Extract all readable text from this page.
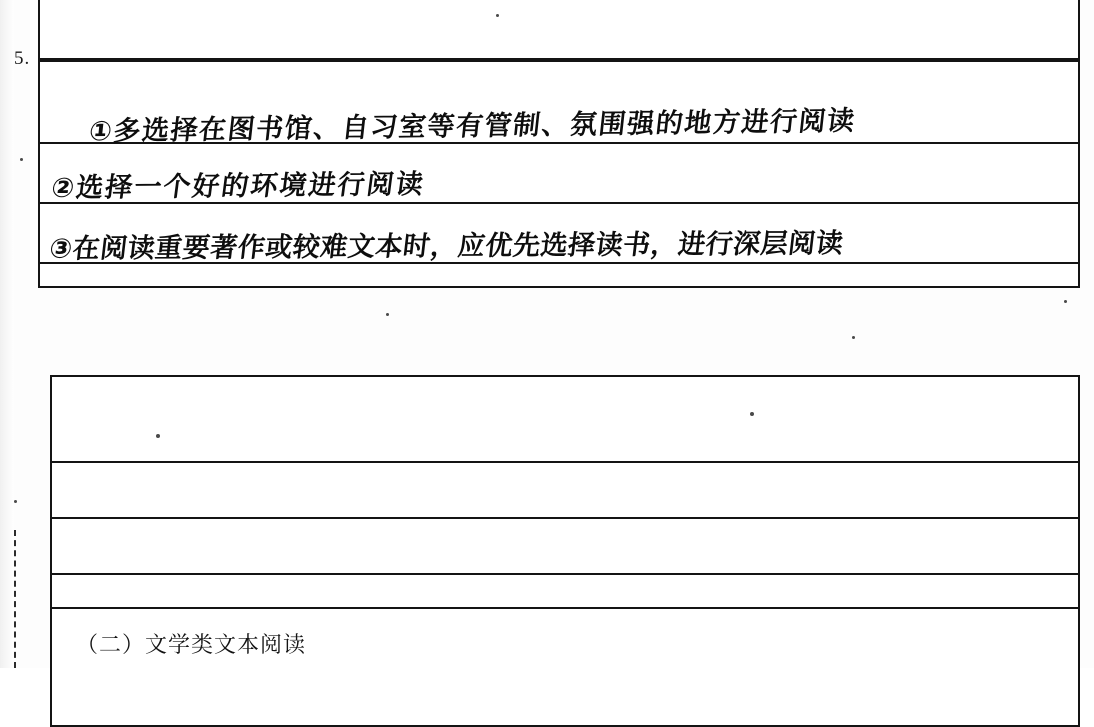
5.
①多选择在图书馆、自习室等有管制、氛围强的地方进行阅读
②选择一个好的环境进行阅读
③在阅读重要著作或较难文本时，应优先选择读书，进行深层阅读
（二）文学类文本阅读
